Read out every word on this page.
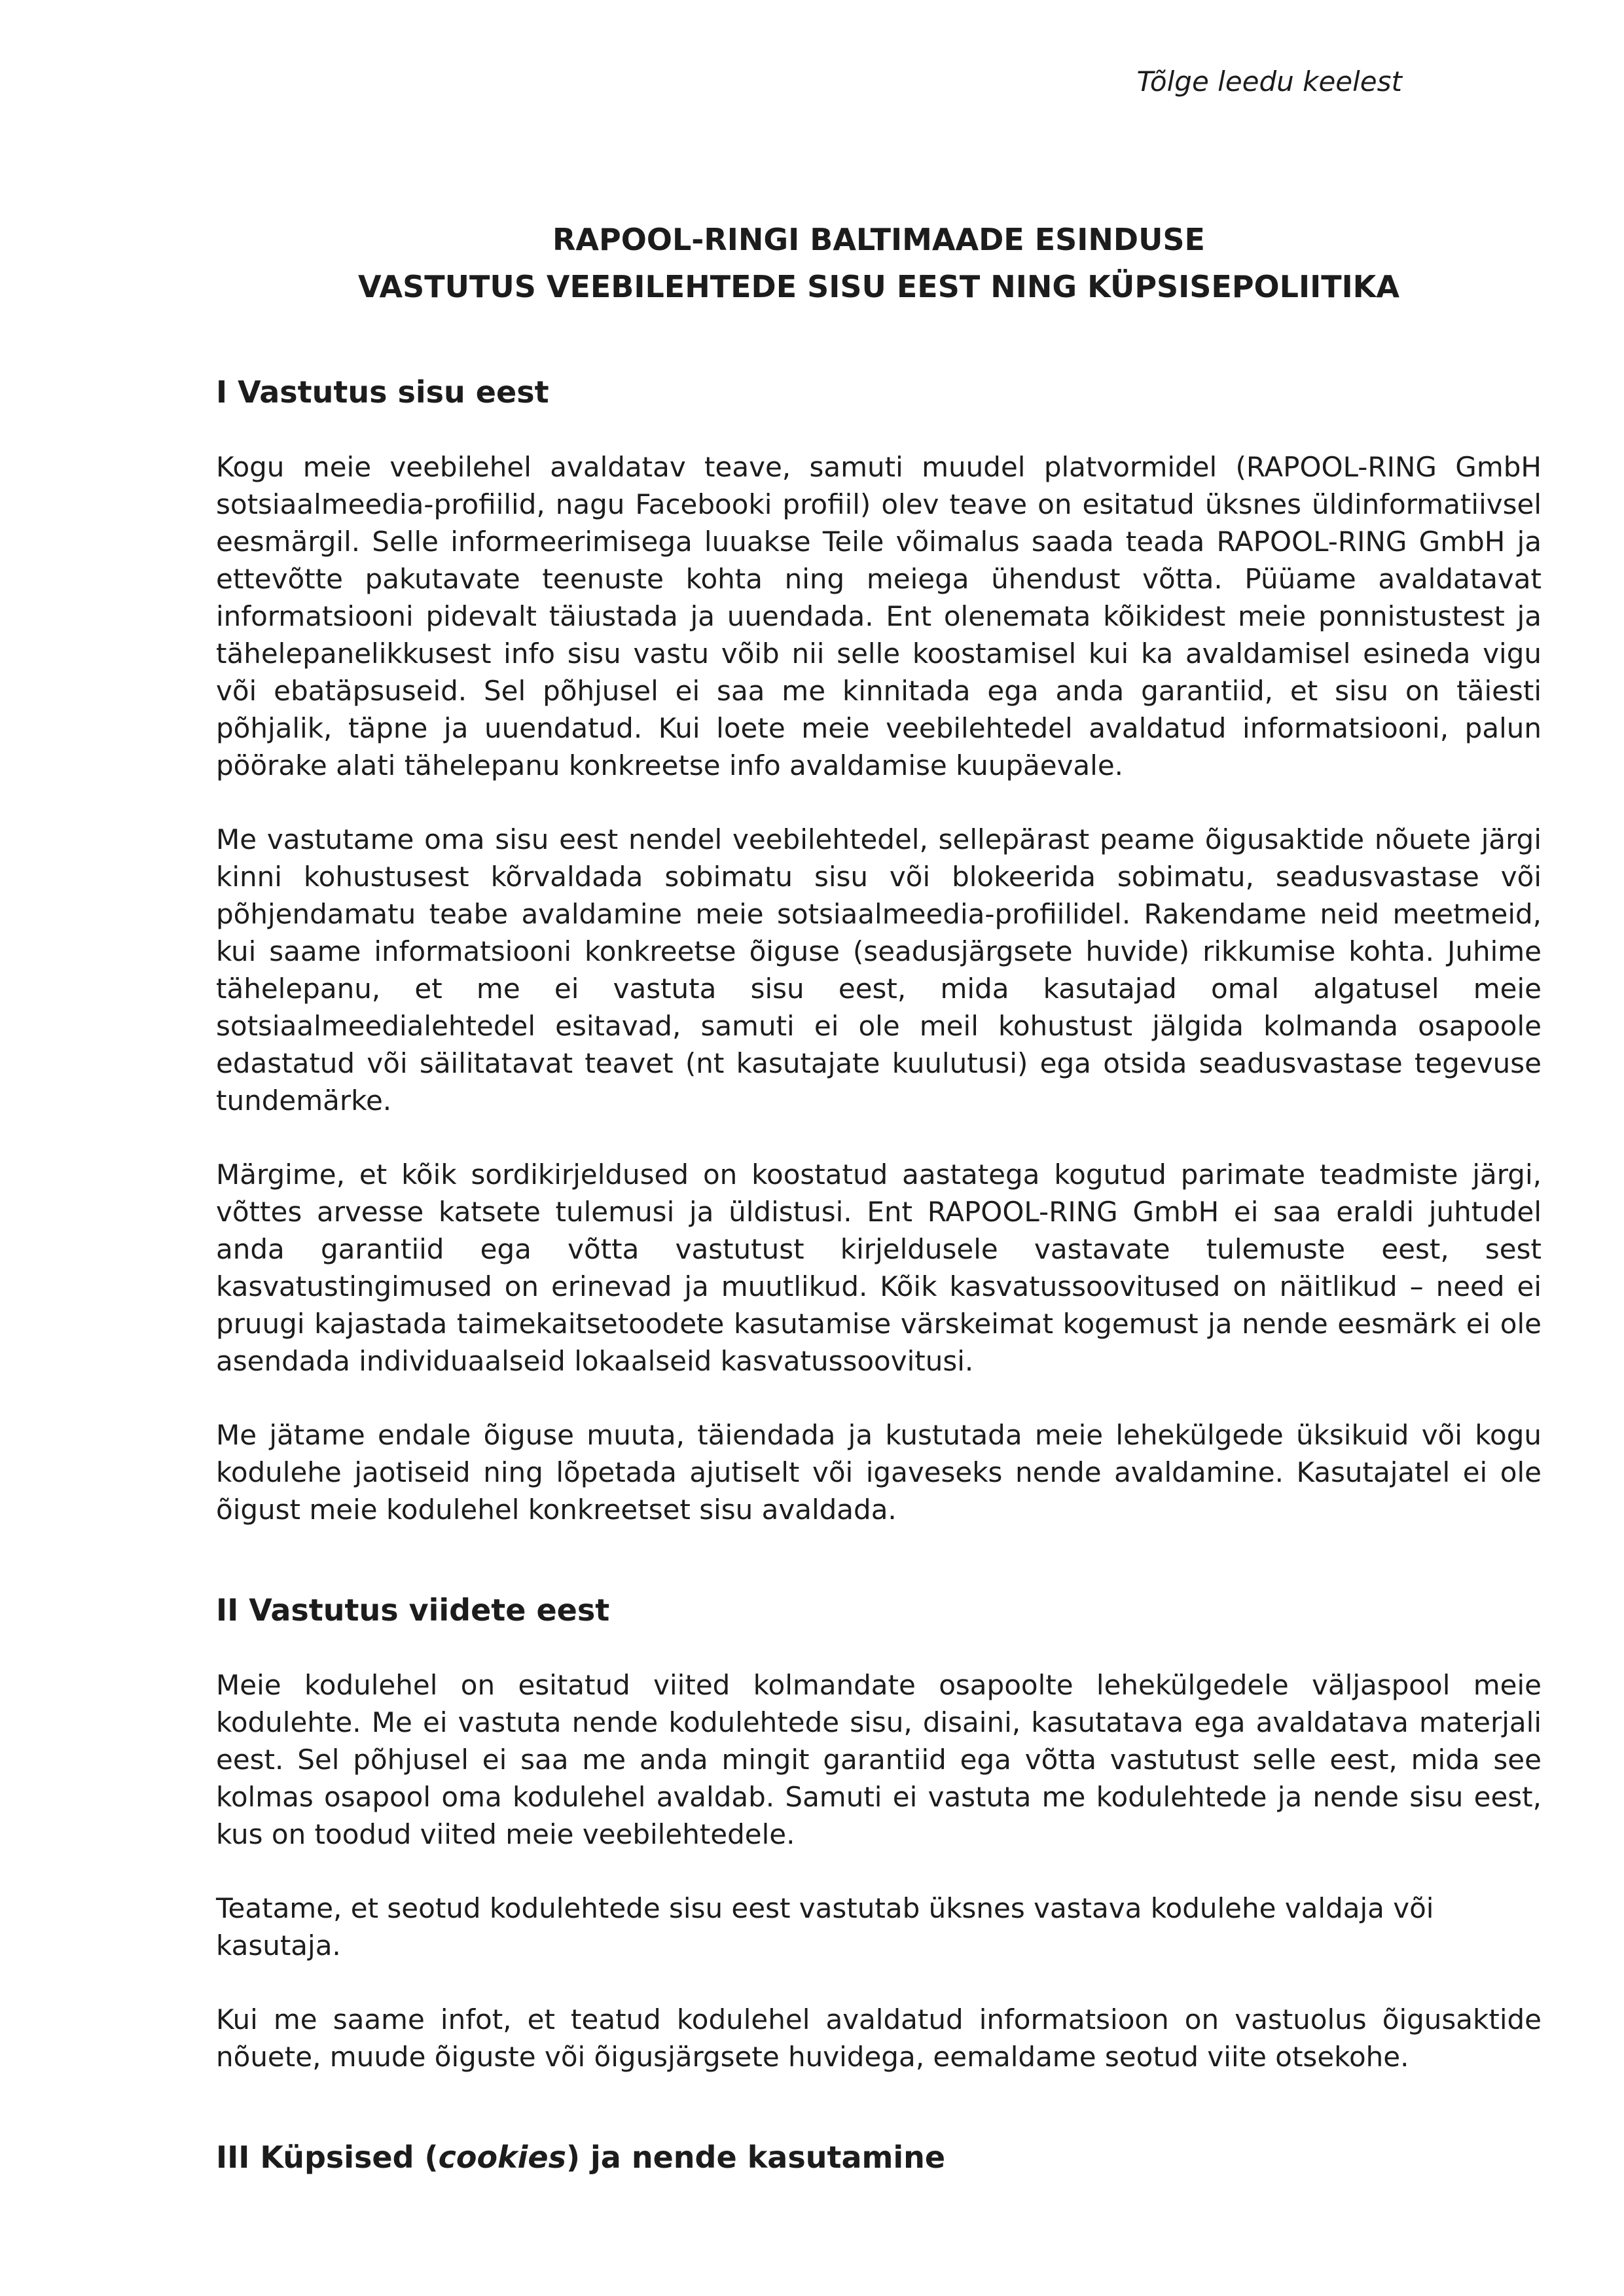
Tõlge leedu keelest
RAPOOL-RINGI BALTIMAADE ESINDUSE
VASTUTUS VEEBILEHTEDE SISU EEST NING KÜPSISEPOLIITIKA
I Vastutus sisu eest

Kogu meie veebilehel avaldatav teave, samuti muudel platvormidel (RAPOOL-RING GmbH sotsiaalmeedia-profiilid, nagu Facebooki profiil) olev teave on esitatud üksnes üldinformatiivsel eesmärgil. Selle informeerimisega luuakse Teile võimalus saada teada RAPOOL-RING GmbH ja ettevõtte pakutavate teenuste kohta ning meiega ühendust võtta. Püüame avaldatavat informatsiooni pidevalt täiustada ja uuendada. Ent olenemata kõikidest meie ponnistustest ja tähelepanelikkusest info sisu vastu võib nii selle koostamisel kui ka avaldamisel esineda vigu või ebatäpsuseid. Sel põhjusel ei saa me kinnitada ega anda garantiid, et sisu on täiesti põhjalik, täpne ja uuendatud. Kui loete meie veebilehtedel avaldatud informatsiooni, palun pöörake alati tähelepanu konkreetse info avaldamise kuupäevale.

Me vastutame oma sisu eest nendel veebilehtedel, sellepärast peame õigusaktide nõuete järgi kinni kohustusest kõrvaldada sobimatu sisu või blokeerida sobimatu, seadusvastase või põhjendamatu teabe avaldamine meie sotsiaalmeedia-profiilidel. Rakendame neid meetmeid, kui saame informatsiooni konkreetse õiguse (seadusjärgsete huvide) rikkumise kohta. Juhime tähelepanu, et me ei vastuta sisu eest, mida kasutajad omal algatusel meie sotsiaalmeedialehtedel esitavad, samuti ei ole meil kohustust jälgida kolmanda osapoole edastatud või säilitatavat teavet (nt kasutajate kuulutusi) ega otsida seadusvastase tegevuse tundemärke.

Märgime, et kõik sordikirjeldused on koostatud aastatega kogutud parimate teadmiste järgi, võttes arvesse katsete tulemusi ja üldistusi. Ent RAPOOL-RING GmbH ei saa eraldi juhtudel anda garantiid ega võtta vastutust kirjeldusele vastavate tulemuste eest, sest kasvatustingimused on erinevad ja muutlikud. Kõik kasvatussoovitused on näitlikud – need ei pruugi kajastada taimekaitsetoodete kasutamise värskeimat kogemust ja nende eesmärk ei ole asendada individuaalseid lokaalseid kasvatussoovitusi.

Me jätame endale õiguse muuta, täiendada ja kustutada meie lehekülgede üksikuid või kogu kodulehe jaotiseid ning lõpetada ajutiselt või igaveseks nende avaldamine. Kasutajatel ei ole õigust meie kodulehel konkreetset sisu avaldada.

II Vastutus viidete eest

Meie kodulehel on esitatud viited kolmandate osapoolte lehekülgedele väljaspool meie kodulehte. Me ei vastuta nende kodulehtede sisu, disaini, kasutatava ega avaldatava materjali eest. Sel põhjusel ei saa me anda mingit garantiid ega võtta vastutust selle eest, mida see kolmas osapool oma kodulehel avaldab. Samuti ei vastuta me kodulehtede ja nende sisu eest, kus on toodud viited meie veebilehtedele.

Teatame, et seotud kodulehtede sisu eest vastutab üksnes vastava kodulehe valdaja või kasutaja.

Kui me saame infot, et teatud kodulehel avaldatud informatsioon on vastuolus õigusaktide nõuete, muude õiguste või õigusjärgsete huvidega, eemaldame seotud viite otsekohe.

III Küpsised (cookies) ja nende kasutamine
